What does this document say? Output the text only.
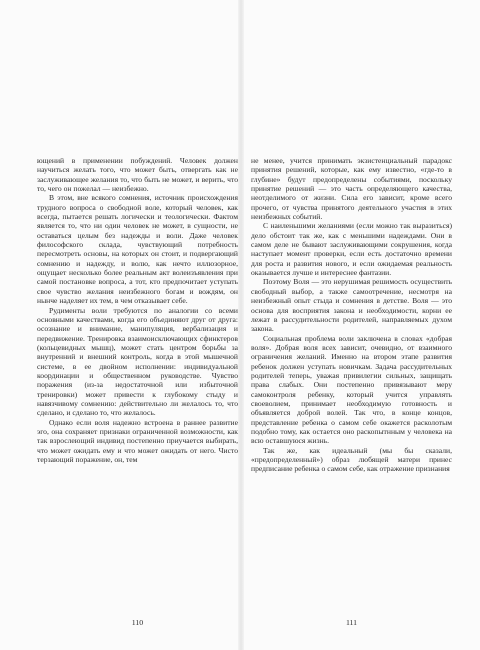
ющений в применении побуждений. Человек должен научиться желать того, что может быть, отвергать как не заслуживающее желания то, что быть не может, и верить, что то, чего он пожелал — неизбежно.

В этом, вне всякого сомнения, источник происхождения трудного вопроса о свободной воле, который человек, как всегда, пытается решать логически и теологически. Фактом является то, что ни один человек не может, в сущности, не оставаться целым без надежды и воли. Даже человек философского склада, чувствующий потребность пересмотреть основы, на которых он стоит, и подвергающий сомнению и надежду, и волю, как нечто иллюзорное, ощущает несколько более реальным акт волеизъявления при самой постановке вопроса, а тот, кто предпочитает уступать свое чувство желания неизбежного богам и вождям, он нынче наделяет их тем, в чем отказывает себе.

Рудименты воли требуются по аналогии со всеми основными качествами, когда его объединяют друг от друга: осознание и внимание, манипуляция, вербализация и передвижение. Тренировка взаимоисключающих сфинктеров (кольцевидных мышц), может стать центром борьбы за внутренний и внешний контроль, когда в этой мышечной системе, в ее двойном исполнении: индивидуальной координации и общественном руководстве. Чувство поражения (из-за недостаточной или избыточной тренировки) может привести к глубокому стыду и навязчивому сомнению: действительно ли желалось то, что сделано, и сделано то, что желалось.

Однако если воля надежно встроена в раннее развитие эго, она сохраняет признаки ограниченной возможности, как так взрослеющий индивид постепенно приучается выбирать, что может ожидать ему и что может ожидать от него. Чисто терзающий поражение, он, тем

110

не менее, учится принимать экзистенциальный парадокс принятия решений, которые, как ему известно, «где-то в глубине» будут предопределены событиями, поскольку принятие решений — это часть определяющего качества, неотделимого от жизни. Сила его зависит, кроме всего прочего, от чувства принятого деятельного участия в этих неизбежных событий.

С наиленьшими желаниями (если можно так выразиться) дело обстоит так же, как с меньшими надеждами. Они в самом деле не бывают заслуживающими сокрушения, когда наступает момент проверки, если есть достаточно времени для роста и развития нового, и если ожидаемая реальность оказывается лучше и интереснее фантазии.

Поэтому Воля — это нерушимая решимость осуществить свободный выбор, а также самоотречение, несмотря на неизбежный опыт стыда и сомнения в детстве. Воля — это основа для восприятия закона и необходимости, корни ее лежат в рассудительности родителей, направляемых духом закона.

Социальная проблема воли заключена в словах «добрая воля». Добрая воля всех зависит, очевидно, от взаимного ограничения желаний. Именно на втором этапе развития ребенок должен уступать новичкам. Задача рассудительных родителей теперь, уважая привилегии сильных, защищать права слабых. Они постепенно привязывают меру самоконтроля ребенку, который учится управлять своеволием, принимает необходимую готовность и объявляется доброй волей. Так что, в конце концов, представление ребенка о самом себе окажется расколотым подобно тому, как остается оно раскопытнным у человека на всю оставшуюся жизнь.

Так же, как идеальный (мы бы сказали, «предопределенный») образ любящей матери принес предписание ребенка о самом себе, как отражение признания

111
